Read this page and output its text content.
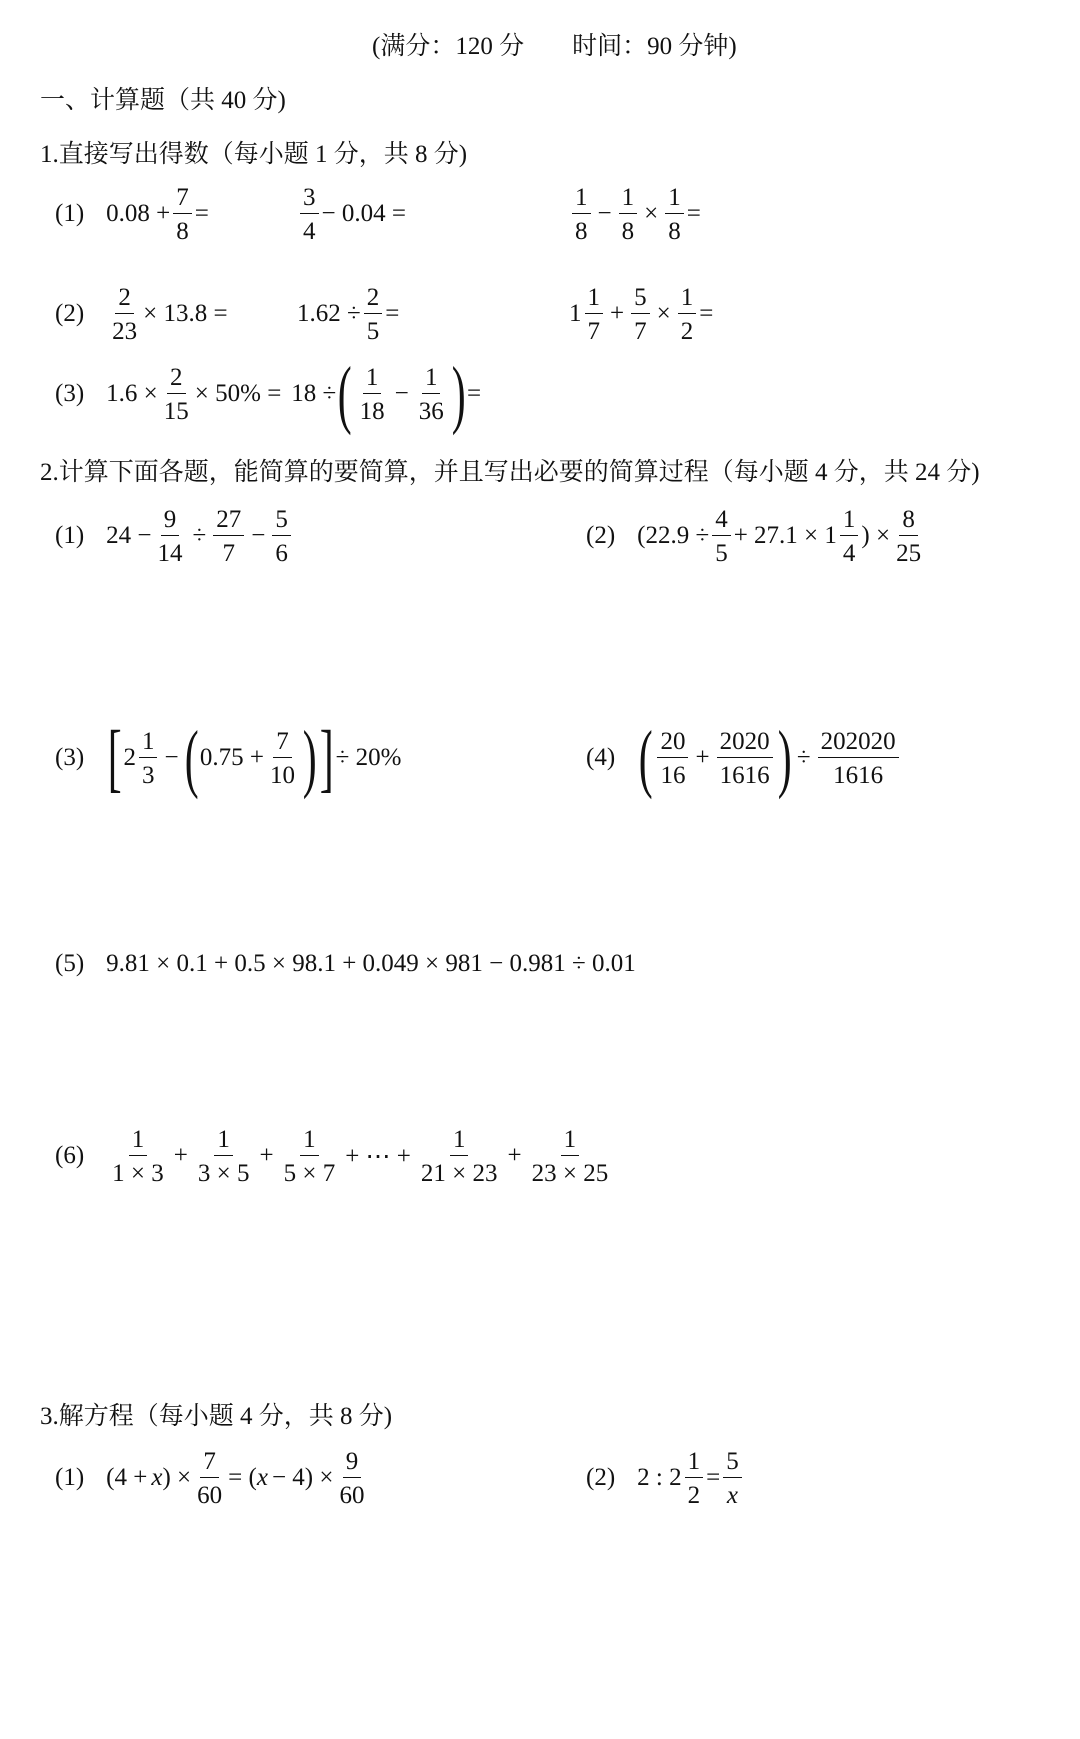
(满分：120 分 时间：90 分钟)
一、计算题（共 40 分)
1.直接写出得数（每小题 1 分，共 8 分)
(1) $0.08 + \frac{7}{8}$ =	$\frac{3}{4} - 0.04$ =	$\frac{1}{8} - \frac{1}{8} \times \frac{1}{8}$ =
$(2) \frac{2}{23} \times 13.8$ =	$1.62 \div \frac{2}{5}$ =	$1 \frac{1}{7} + \frac{5}{7} \times \frac{1}{2}$ =
(3) $1.6 \times \frac{2}{15} \times 50\% = 18$ ÷ ( $\frac{1}{18} - \frac{1}{36}$ ) =
2.计算下面各题，能简算的要简算，并且写出必要的简算过程（每小题 4 分，共 24 分)
(1) $24 - \frac{9}{14} \div \frac{27}{7} - \frac{5}{6}$	(2) ($22.9 \div \frac{4}{5} + 27.1 \times 1 \frac{1}{4}$ ) × $\frac{8}{25}$
(3) [ $2 \frac{1}{3}$ − ( $0.75 + \frac{7}{10}$ ) ] ÷ 20%	(4) ( $\frac{20}{16} + \frac{2020}{1616}$ ) ÷ $\frac{202020}{1616}$
(5) 9.81 × 0.1 + 0.5 × 98.1 + 0.049 × 981 − 0.981 ÷ 0.01
$(6) \frac{1}{1 \times 3} + \frac{1}{3 \times 5} + \frac{1}{5 \times 7}$ + ⋯ + $\frac{1}{21 \times 23} + \frac{1}{23 \times 25}$
3.解方程（每小题 4 分，共 8 分)
(1) (4 + x ) × $\frac{7}{60}$ = ( $x - 4) \times \frac{9}{60}$	(2) 2 : $2 \frac{1}{2} = \frac{5}{x}$
